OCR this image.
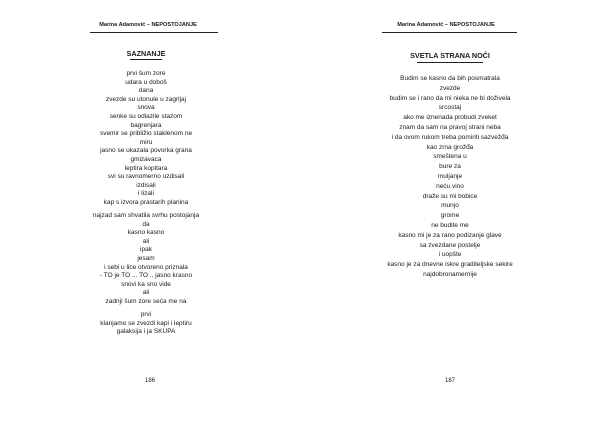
Marina Adamović – NEPOSTOJANJE
SAZNANJE
prvi šum zore
udara u doboš
dana
zvezde su utonule u zagrljaj
snova
senke su odlazile stazom
bagrenjara
svemir se približio staklenom ne
miru
jasno se ukazala povorka grana
gmizavaca
leptira kopitara
svi su ravnomerno uzdisali
izdisali
i lizali
kap s izvora prastarih planina
najzad sam shvatila svrhu postojanja
da
kasno kasno
ali
ipak
jesam
i sebi u lice otvoreno priznala
- TO je TO ... TO .. jasno krasno
snovi ka sno vide
ali
zadnji šum zore seća me na
prvi
klanjamo se zvezdi kapi i leptiru
galaksija i ja SKUPA
186
Marina Adamović – NEPOSTOJANJE
SVETLA STRANA NOĆI
Budim se kasno da bih posmatrala
zvezde
budim se i rano da mi nieka ne bi doživela
srcostaj
ako me iznenada probudi zveket
znam da sam na pravoj strani neba
i da ovom rukom treba pomiriti sazvežđa
kao zrna grožđa
smeštena u
bure za
muljanje
neću vino
draže su mi bobice
munjo
grome
ne budite me
kasno mi je za rano podizanje glave
sa zvezdane postelje
i uopšte
kasno je za dnevne iskre graditeljske sekire
najdobronamernije
187
